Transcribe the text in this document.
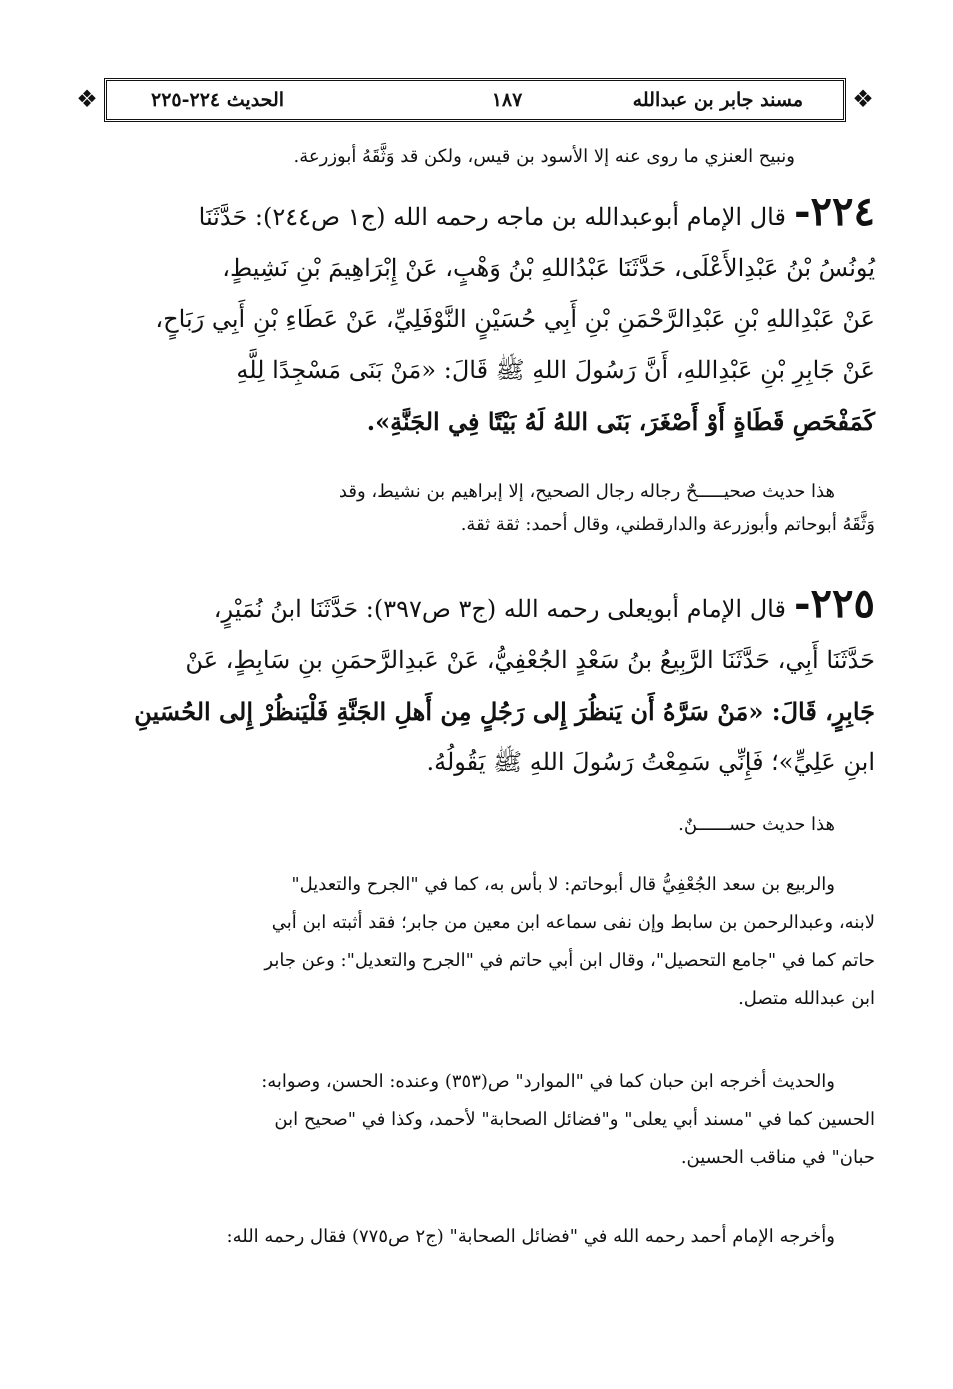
❖
مسند جابر بن عبدالله
١٨٧
الحديث ٢٢٤-٢٢٥
❖
ونبيح العنزي ما روى عنه إلا الأسود بن قيس، ولكن قد وَثَّقَهُ أبوزرعة.
٢٢٤-قال الإمام أبوعبدالله بن ماجه رحمه الله (ج١ ص٢٤٤): حَدَّثَنَا
يُونُسُ بْنُ عَبْدِالأَعْلَى، حَدَّثَنَا عَبْدُاللهِ بْنُ وَهْبٍ، عَنْ إِبْرَاهِيمَ بْنِ نَشِيطٍ،
عَنْ عَبْدِاللهِ بْنِ عَبْدِالرَّحْمَنِ بْنِ أَبِي حُسَيْنٍ النَّوْفَلِيِّ، عَنْ عَطَاءِ بْنِ أَبِي رَبَاحٍ،
عَنْ جَابِرِ بْنِ عَبْدِاللهِ، أَنَّ رَسُولَ اللهِ ﷺ قَالَ: «مَنْ بَنَى مَسْجِدًا لِلَّهِ
كَمَفْحَصِ قَطَاةٍ أَوْ أَصْغَرَ، بَنَى اللهُ لَهُ بَيْتًا فِي الجَنَّةِ».
هذا حديث صحيـــــحٌ رجاله رجال الصحيح، إلا إبراهيم بن نشيط، وقد
وَثَّقَهُ أبوحاتم وأبوزرعة والدارقطني، وقال أحمد: ثقة ثقة.
٢٢٥-قال الإمام أبويعلى رحمه الله (ج٣ ص٣٩٧): حَدَّثَنَا ابنُ نُمَيْرٍ،
حَدَّثَنَا أَبِي، حَدَّثَنَا الرَّبِيعُ بنُ سَعْدٍ الجُعْفِيُّ، عَنْ عَبدِالرَّحمَنِ بنِ سَابِطٍ، عَنْ
جَابِرٍ، قَالَ: «مَنْ سَرَّهُ أَن يَنظُرَ إِلى رَجُلٍ مِن أَهلِ الجَنَّةِ فَلْيَنظُرْ إِلى الحُسَينِ
ابنِ عَلِيٍّ»؛ فَإِنِّي سَمِعْتُ رَسُولَ اللهِ ﷺ يَقُولُهُ.
هذا حديث حســــــنٌ.
والربيع بن سعد الجُعْفِيُّ قال أبوحاتم: لا بأس به، كما في "الجرح والتعديل"
لابنه، وعبدالرحمن بن سابط وإن نفى سماعه ابن معين من جابر؛ فقد أثبته ابن أبي
حاتم كما في "جامع التحصيل"، وقال ابن أبي حاتم في "الجرح والتعديل": وعن جابر
ابن عبدالله متصل.
والحديث أخرجه ابن حبان كما في "الموارد" ص(٣٥٣) وعنده: الحسن، وصوابه:
الحسين كما في "مسند أبي يعلى" و"فضائل الصحابة" لأحمد، وكذا في "صحيح ابن
حبان" في مناقب الحسين.
وأخرجه الإمام أحمد رحمه الله في "فضائل الصحابة" (ج٢ ص٧٧٥) فقال رحمه الله:
